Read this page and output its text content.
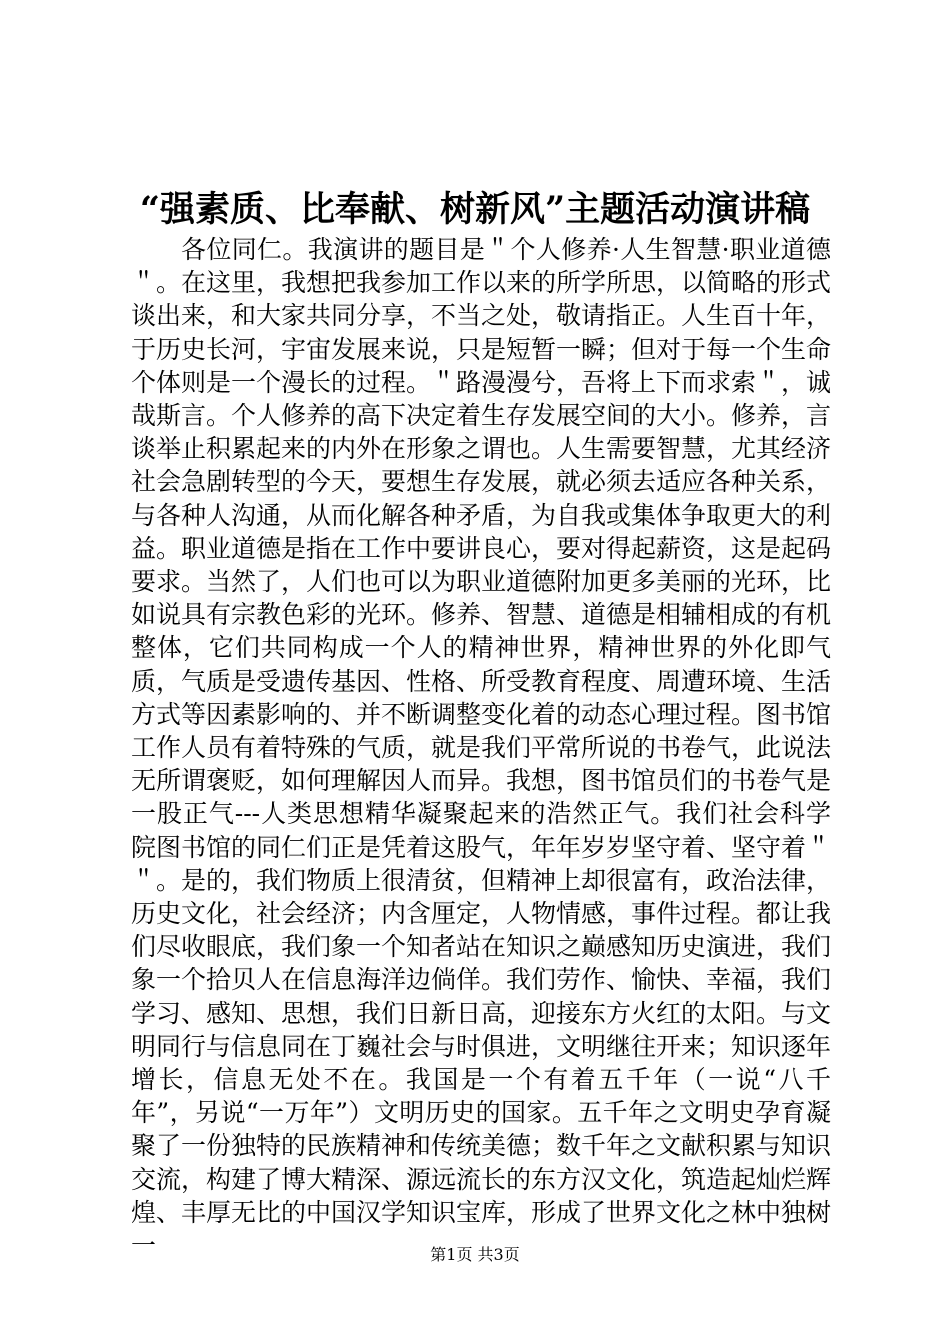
“强素质、比奉献、树新风”主题活动演讲稿

各位同仁。我演讲的题目是＂个人修养·人生智慧·职业道德＂。在这里，我想把我参加工作以来的所学所思，以简略的形式谈出来，和大家共同分享，不当之处，敬请指正。人生百十年，于历史长河，宇宙发展来说，只是短暂一瞬；但对于每一个生命个体则是一个漫长的过程。＂路漫漫兮，吾将上下而求索＂，诚哉斯言。个人修养的高下决定着生存发展空间的大小。修养，言谈举止积累起来的内外在形象之谓也。人生需要智慧，尤其经济社会急剧转型的今天，要想生存发展，就必须去适应各种关系，与各种人沟通，从而化解各种矛盾，为自我或集体争取更大的利益。职业道德是指在工作中要讲良心，要对得起薪资，这是起码要求。当然了，人们也可以为职业道德附加更多美丽的光环，比如说具有宗教色彩的光环。修养、智慧、道德是相辅相成的有机整体，它们共同构成一个人的精神世界，精神世界的外化即气质，气质是受遗传基因、性格、所受教育程度、周遭环境、生活方式等因素影响的、并不断调整变化着的动态心理过程。图书馆工作人员有着特殊的气质，就是我们平常所说的书卷气，此说法无所谓褒贬，如何理解因人而异。我想，图书馆员们的书卷气是一股正气---人类思想精华凝聚起来的浩然正气。我们社会科学院图书馆的同仁们正是凭着这股气，年年岁岁坚守着、坚守着＂＂。是的，我们物质上很清贫，但精神上却很富有，政治法律，历史文化，社会经济；内含厘定，人物情感，事件过程。都让我们尽收眼底，我们象一个知者站在知识之巅感知历史演进，我们象一个拾贝人在信息海洋边倘佯。我们劳作、愉快、幸福，我们学习、感知、思想，我们日新日高，迎接东方火红的太阳。与文明同行与信息同在丁巍社会与时俱进，文明继往开来；知识逐年增长，信息无处不在。我国是一个有着五千年（一说“八千年”，另说“一万年”）文明历史的国家。五千年之文明史孕育凝聚了一份独特的民族精神和传统美德；数千年之文献积累与知识交流，构建了博大精深、源远流长的东方汉文化，筑造起灿烂辉煌、丰厚无比的中国汉学知识宝库，形成了世界文化之林中独树一	第1页 共3页
